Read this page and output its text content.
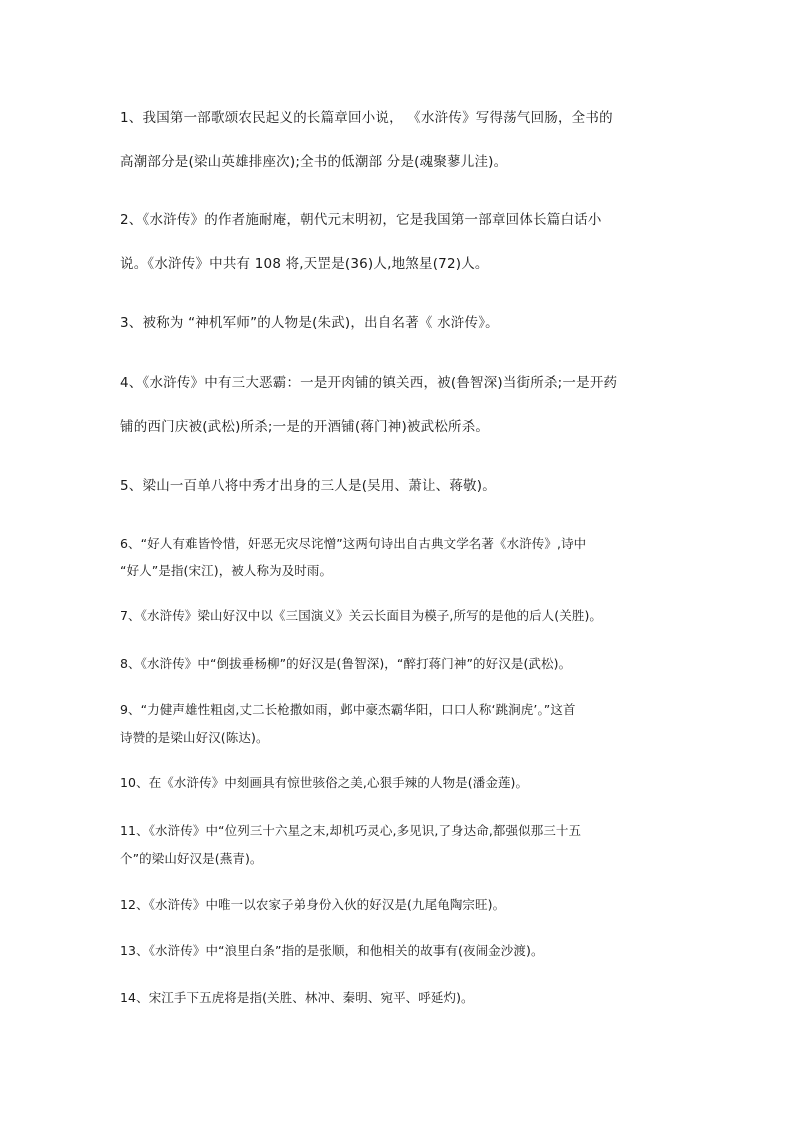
1、我国第一部歌颂农民起义的长篇章回小说， 《水浒传》写得荡气回肠，全书的
高潮部分是(梁山英雄排座次);全书的低潮部 分是(魂聚蓼儿洼)。
2、《水浒传》的作者施耐庵，朝代元末明初，它是我国第一部章回体长篇白话小
说。《水浒传》中共有 108 将,天罡是(36)人,地煞星(72)人。
3、被称为 “神机军师”的人物是(朱武)，出自名著《 水浒传》。
4、《水浒传》中有三大恶霸：一是开肉铺的镇关西，被(鲁智深)当街所杀;一是开药
铺的西门庆被(武松)所杀;一是的开酒铺(蒋门神)被武松所杀。
5、梁山一百单八将中秀才出身的三人是(吴用、萧让、蒋敬)。
6、“好人有难皆怜惜，奸恶无灾尽诧憎”这两句诗出自古典文学名著《水浒传》,诗中
“好人”是指(宋江)，被人称为及时雨。
7、《水浒传》梁山好汉中以《三国演义》关云长面目为模子,所写的是他的后人(关胜)。
8、《水浒传》中“倒拔垂杨柳”的好汉是(鲁智深)，“醉打蒋门神”的好汉是(武松)。
9、“力健声雄性粗卤,丈二长枪撒如雨，邺中豪杰霸华阳，口口人称‘跳涧虎’。”这首
诗赞的是梁山好汉(陈达)。
10、在《水浒传》中刻画具有惊世骇俗之美,心狠手辣的人物是(潘金莲)。
11、《水浒传》中“位列三十六星之末,却机巧灵心,多见识,了身达命,都强似那三十五
个”的梁山好汉是(燕青)。
12、《水浒传》中唯一以农家子弟身份入伙的好汉是(九尾龟陶宗旺)。
13、《水浒传》中“浪里白条”指的是张顺，和他相关的故事有(夜闹金沙渡)。
14、宋江手下五虎将是指(关胜、林冲、秦明、宛平、呼延灼)。
